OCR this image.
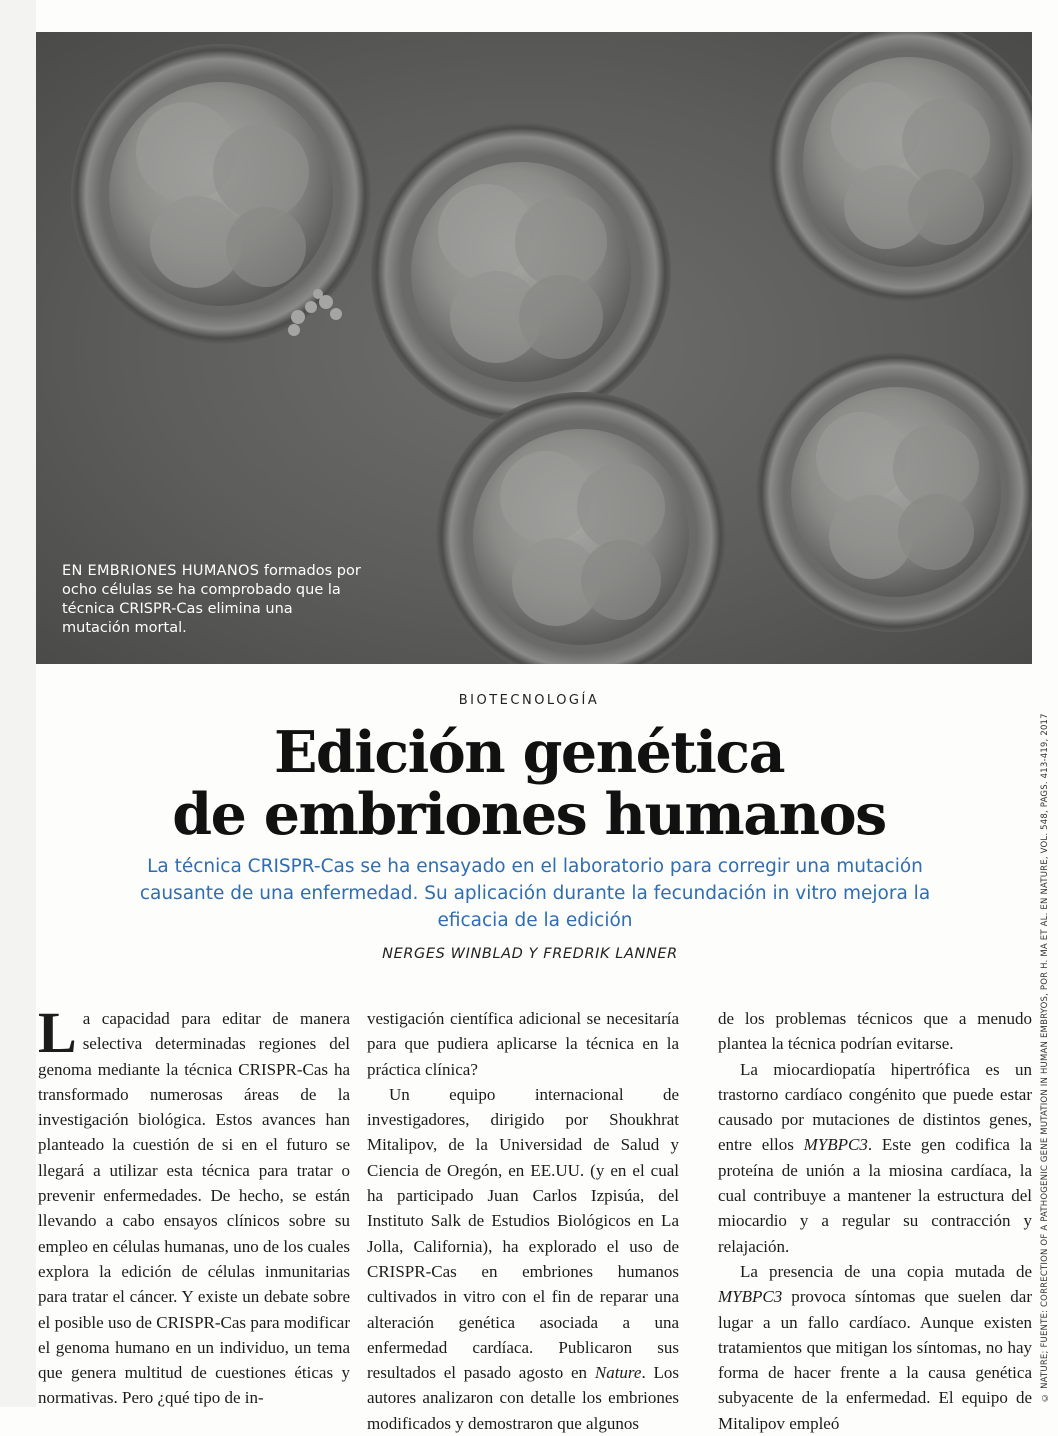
EN EMBRIONES HUMANOS formados por ocho células se ha comprobado que la técnica CRISPR-Cas elimina una mutación mortal.
BIOTECNOLOGÍA
Edición genética
de embriones humanos
La técnica CRISPR-Cas se ha ensayado en el laboratorio para corregir una mutación causante de una enfermedad. Su aplicación durante la fecundación in vitro mejora la eficacia de la edición
NERGES WINBLAD Y FREDRIK LANNER

La capacidad para editar de manera selectiva determinadas regiones del genoma mediante la técnica CRISPR-Cas ha transformado numerosas áreas de la investigación biológica. Estos avances han planteado la cuestión de si en el futuro se llegará a utilizar esta técnica para tratar o prevenir enfermedades. De hecho, se están llevando a cabo ensayos clínicos sobre su empleo en células humanas, uno de los cuales explora la edición de células inmunitarias para tratar el cáncer. Y existe un debate sobre el posible uso de CRISPR-Cas para modificar el genoma humano en un individuo, un tema que genera multitud de cuestiones éticas y normativas. Pero ¿qué tipo de in-

vestigación científica adicional se necesitaría para que pudiera aplicarse la técnica en la práctica clínica?

Un equipo internacional de investigadores, dirigido por Shoukhrat Mitalipov, de la Universidad de Salud y Ciencia de Oregón, en EE.UU. (y en el cual ha participado Juan Carlos Izpisúa, del Instituto Salk de Estudios Biológicos en La Jolla, California), ha explorado el uso de CRISPR-Cas en embriones humanos cultivados in vitro con el fin de reparar una alteración genética asociada a una enfermedad cardíaca. Publicaron sus resultados el pasado agosto en Nature. Los autores analizaron con detalle los embriones modificados y demostraron que algunos

de los problemas técnicos que a menudo plantea la técnica podrían evitarse.

La miocardiopatía hipertrófica es un trastorno cardíaco congénito que puede estar causado por mutaciones de distintos genes, entre ellos MYBPC3. Este gen codifica la proteína de unión a la miosina cardíaca, la cual contribuye a mantener la estructura del miocardio y a regular su contracción y relajación.

La presencia de una copia mutada de MYBPC3 provoca síntomas que suelen dar lugar a un fallo cardíaco. Aunque existen tratamientos que mitigan los síntomas, no hay forma de hacer frente a la causa genética subyacente de la enfermedad. El equipo de Mitalipov empleó

© NATURE; FUENTE: CORRECTION OF A PATHOGENIC GENE MUTATION IN HUMAN EMBRYOS, POR H. MA ET AL. EN NATURE, VOL. 548, PÁGS. 413-419, 2017
